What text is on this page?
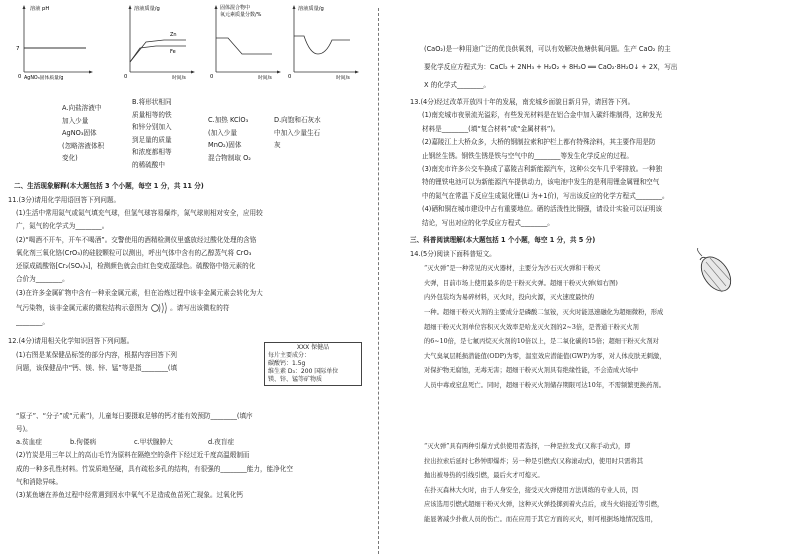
溶液 pH
7
0 AgNO₃固体质量/g
溶液质量/g
Zn
Fe
0	时间/s
固体混合物中
氧元素质量分数/%
0	时间/s
溶液质量/g
0	时间/s
A.向盐溶液中
加入少量
AgNO₃固体
(忽略溶液体积
变化)
B.将形状相同
质量相等的铁
和锌分别加入
到足量的质量
和浓度都相等
的稀硫酸中
C.加热 KClO₃
(加入少量
MnO₂)固体
混合物制取 O₂
D.向饱和石灰水
中加入少量生石
灰
二、生活现象解释(本大题包括 3 个小题，每空 1 分，共 11 分)
11.(3分)请用化学用语回答下列问题。
(1)生活中常用氮气或氮气填充气球，但氢气球容易爆炸，氮气球则相对安全，应用较
广，氮气的化学式为________。
(2)“喝酒不开车，开车不喝酒”。交警使用的酒精检测仪里盛放经过酸化处理的含铬
氧化剂三氧化铬(CrO₃)的硅胶颗粒可以测出，呼出气体中含有的乙醇蒸气将 CrO₃
还原成硫酸铬[Cr₂(SO₄)₃]，检测颜色就会由红色变成蓝绿色。硫酸铬中铬元素的化
合价为________。
(3)在许多金属矿物中含有一种汞金属元素，但在冶炼过程中该非金属元素会转化为大
气污染物，该非金属元素的微粒结构示意图为	。请写出该微粒的符
________。
12.(4分)请用相关化学知识回答下列问题。
(1)右图是某保健品标签的部分内容，根据内容回答下列
问题，该保健品中“钙、镁、锌、锰”等是指________(填
“原子”、“分子”或“元素”)，儿童每日要摄取足够的钙才能有效预防________(填序
号)。
a.贫血症	b.佝偻病	c.甲状腺肿大	d.夜盲症
(2)竹炭是用三年以上的高山毛竹为原料在隔绝空的条件下经过近千度高温煅制而
成的一种多孔性材料。竹炭质地坚硬，具有疏松多孔的结构，有很强的________能力，能净化空
气和消除异味。
(3)某鱼塘在养鱼过程中经常遇到因水中氧气不足造成鱼苗死亡现象。过氧化钙
XXX 保健品
每片主要成分：
碳酸钙：1.5g
维生素 D₃：200 国际单位
镁、锌、锰等矿物质
(CaO₂)是一种用途广泛的优良供氧剂，可以有效解决鱼塘供氧问题。生产 CaO₂ 的主
要化学反应方程式为：CaCl₂ + 2NH₃ + H₂O₂ + 8H₂O ══ CaO₂·8H₂O↓ + 2X，写出
X 的化学式________。
13.(4分)经过改革开放四十年的发展，南充城乡面貌日新月异，请回答下列。
(1)南充城市夜景流光溢彩，有些发光材料是在铝合金中加入碳纤维制得，这种发光
材料是________(填“复合材料”或“金属材料”)。
(2)嘉陵江上大桥众多，大桥的钢制拉索和护栏上都有特殊涂料，其主要作用是防
止钢丝生锈。钢铁生锈是铁与空气中的________等发生化学反应的过程。
(3)南充市许多公交车换成了嘉陵吉利新能源汽车，这种公交车几乎零排放。一种独
特的锂铁电池可以为新能源汽车提供动力，该电池中发生的是利用锂金属锂和空气
中的氮气在常温下反应生成氮化锂(Li 为+1价)，写出该反应的化学方程式________。
(4)硒和铜在城市建设中占有重要地位。硒的活泼性比铜强，请设计实验可以证明该
结论，写出对应的化学反应方程式________。
三、科普阅读理解(本大题包括 1 个小题，每空 1 分，共 5 分)
14.(5分)阅读下面科普短文。
“灭火弹”是一种常见的灭火器材，主要分为沙石灭火弹和干粉灭
火弹，目前市场上使用最多的是干粉灭火弹。超细干粉灭火弹(如右图)
内外包装均为易碎材料，灭火时，投向火源，灭火速度最快的
一种。超细干粉灭火剂的主要成分是磷酸二氢铵，灭火时能迅速融化为超细微粉，形成
超细干粉灭火剂单位容积灭火效率是哈龙灭火剂的2~3倍，是普通干粉灭火剂
的6~10倍，是七氟丙烷灭火剂的10倍以上，是二氧化碳的15倍；超细干粉灭火剂对
大气臭氧层耗损潜能值(ODP)为零，温室效应潜能值(GWP)为零，对人体皮肤无刺激，
对保护物无腐蚀，无毒无害；超细干粉灭火剂具有绝缘性能，不会造成火场中
人员中毒或窒息死亡。同时，超细干粉灭火剂储存期限可达10年，不需频繁更换药剂。
“灭火弹”具有两种引爆方式供使用者选择，一种是拉发式(又称手动式)，即
拉出拉索后延时七秒钟即爆炸；另一种是引燃式(又称滚动式)，使用时只需将其
抛出被导热的引线引燃，最后火才可熄灭。
在扑灭森林大火时，由于人身安全，接受灭火弹使用方法训练的专业人员，因
应该选用引燃式超细干粉灭火弹，这种灭火弹投掷到着火点后，或当火焰接近等引燃，
能显著减少扑救人员的伤亡。而在应用于其它方面的灭火，则可根据场地情况选用，
